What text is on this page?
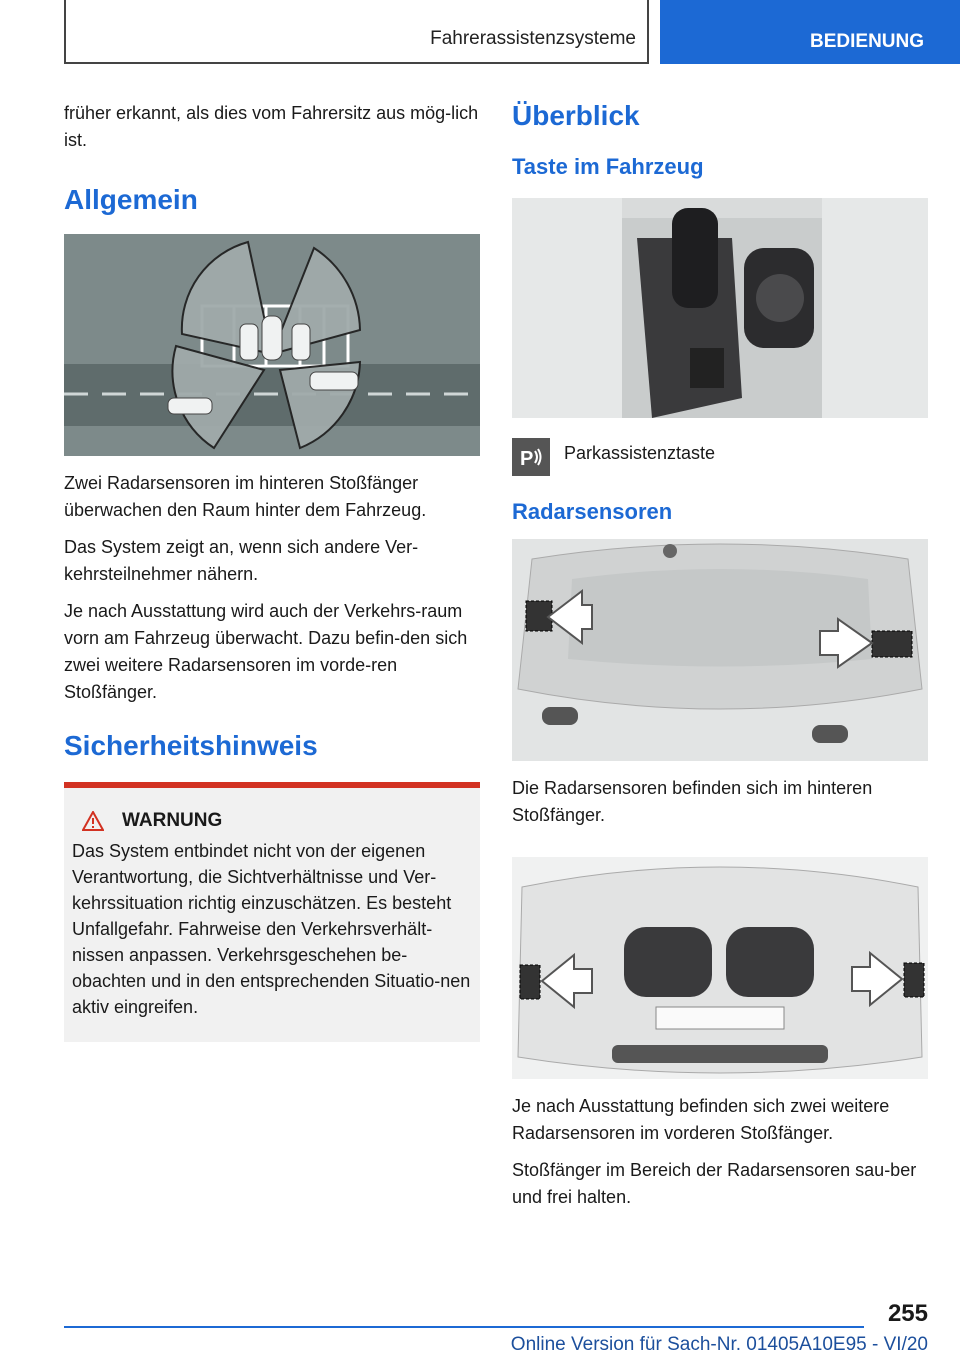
Fahrerassistenzsysteme	BEDIENUNG

früher erkannt, als dies vom Fahrersitz aus mög-lich ist.

Allgemein

Zwei Radarsensoren im hinteren Stoßfänger überwachen den Raum hinter dem Fahrzeug.

Das System zeigt an, wenn sich andere Ver-kehrsteilnehmer nähern.

Je nach Ausstattung wird auch der Verkehrs-raum vorn am Fahrzeug überwacht. Dazu befin-den sich zwei weitere Radarsensoren im vorde-ren Stoßfänger.

Sicherheitshinweis
WARNUNG

Das System entbindet nicht von der eigenen Verantwortung, die Sichtverhältnisse und Ver-kehrssituation richtig einzuschätzen. Es besteht Unfallgefahr. Fahrweise den Verkehrsverhält-nissen anpassen. Verkehrsgeschehen be-obachten und in den entsprechenden Situatio-nen aktiv eingreifen.

Überblick
Taste im Fahrzeug
P Parkassistenztaste

Radarsensoren

Die Radarsensoren befinden sich im hinteren Stoßfänger.

Je nach Ausstattung befinden sich zwei weitere Radarsensoren im vorderen Stoßfänger.

Stoßfänger im Bereich der Radarsensoren sau-ber und frei halten.

255
Online Version für Sach-Nr. 01405A10E95 - VI/20
